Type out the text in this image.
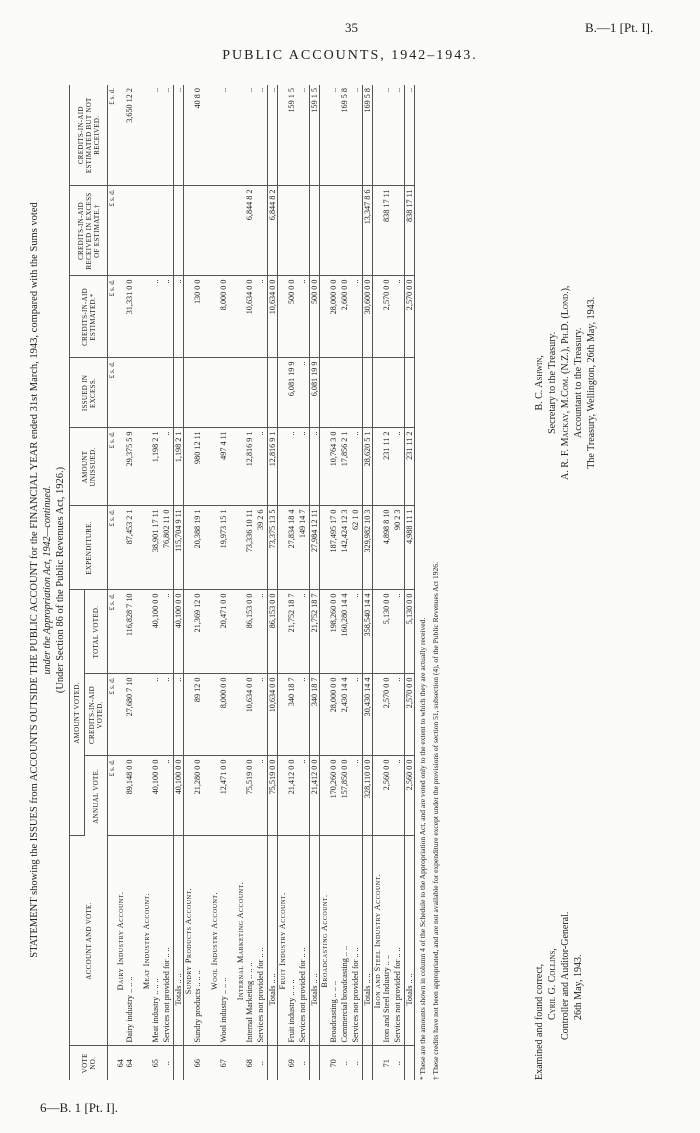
35	B.—1 [Pt. I].
PUBLIC ACCOUNTS, 1942–1943.
STATEMENT showing the ISSUES from ACCOUNTS OUTSIDE THE PUBLIC ACCOUNT for the FINANCIAL YEAR ended 31st March, 1943, compared with the Sums voted under the Appropriation Act, 1942—continued. (Under Section 86 of the Public Revenues Act, 1926.)
VOTE NO.	ACCOUNT AND VOTE.	AMOUNT VOTED.			EXPENDITURE.	AMOUNT UNISSUED.	ISSUED IN EXCESS.	CREDITS-IN-AID ESTIMATED.*	CREDITS-IN-AID RECEIVED IN EXCESS OF ESTIMATE.†	CREDITS-IN-AID ESTIMATED BUT NOT RECEIVED.
		ANNUAL VOTE.	CREDITS-IN-AID VOTED.	TOTAL VOTED.						
		£ s. d.	£ s. d.	£ s. d.	£ s. d.	£ s. d.	£ s. d.	£ s. d.	£ s. d.	£ s. d.
64	Dairy Industry Account.									
64	Dairy industry .. .. ..	89,148 0 0	27,680 7 10	116,828 7 10	87,453 2 1	29,375 5 9		31,331 0 0		3,650 12 2

	Meat Industry Account.									
65	Meat industry .. .. ..	40,100 0 0	..	40,100 0 0	38,901 17 11	1,198 2 1		..		..
..	Services not provided for .. ..	..	..	..	76,802 11 0	..		..		..
	Totals .. ..	40,100 0 0	..	40,100 0 0	115,704 9 11	1,198 2 1		..		..
	Sundry Products Account.									
66	Sundry products .. .. ..	21,280 0 0	89 12 0	21,369 12 0	20,388 19 1	980 12 11		130 0 0		40 8 0

	Wool Industry Account.									
67	Wool industry .. .. ..	12,471 0 0	8,000 0 0	20,471 0 0	19,973 15 1	497 4 11		8,000 0 0		..

	Internal Marketing Account.									
68	Internal Marketing .. .. ..	75,519 0 0	10,634 0 0	86,153 0 0	73,336 10 11	12,816 9 1		10,634 0 0	6,844 8 2	..
..	Services not provided for .. ..	..	..	..	39 2 6	..		..		..
	Totals .. ..	75,519 0 0	10,634 0 0	86,153 0 0	73,375 13 5	12,816 9 1		10,634 0 0	6,844 8 2	..
	Fruit Industry Account.									
69	Fruit industry .. .. ..	21,412 0 0	340 18 7	21,752 18 7	27,834 18 4	..	6,081 19 9	500 0 0		159 1 5
..	Services not provided for .. ..	..	..	..	149 14 7	..	..	..		..
	Totals .. ..	21,412 0 0	340 18 7	21,752 18 7	27,984 12 11	..	6,081 19 9	500 0 0		159 1 5
	Broadcasting Account.									
70	Broadcasting .. .. ..	170,260 0 0	28,000 0 0	198,260 0 0	187,495 17 0	10,764 3 0		28,000 0 0		..
..	Commercial broadcasting .. ..	157,850 0 0	2,430 14 4	160,280 14 4	142,424 12 3	17,856 2 1		2,600 0 0		169 5 8
..	Services not provided for .. ..	..	..	..	62 1 0	..		..		..
	Totals .. ..	328,110 0 0	30,430 14 4	358,540 14 4	329,982 10 3	28,620 5 1		30,600 0 0	13,347 8 6	169 5 8
	Iron and Steel Industry Account.									
71	Iron and Steel Industry .. ..	2,560 0 0	2,570 0 0	5,130 0 0	4,898 8 10	231 11 2		2,570 0 0	838 17 11	..
..	Services not provided for .. ..	..	..	..	90 2 3	..		..		..
	Totals .. ..	2,560 0 0	2,570 0 0	5,130 0 0	4,988 11 1	231 11 2		2,570 0 0	838 17 11	..
* These are the amounts shown in column 4 of the Schedule to the Appropriation Act, and are voted only to the extent to which they are actually received. † These credits have not been appropriated, and are not available for expenditure except under the provisions of section 51, subsection (4), of the Public Revenues Act 1926.	Examined and found correct, Cyril G. Collins, Controller and Auditor-General. 26th May, 1943.
B. C. Ashwin, Secretary to the Treasury. A. R. F. Mackay, M.Com. (N.Z.), Ph.D. (Lond.), Accountant to the Treasury. The Treasury, Wellington, 26th May, 1943.
6—B. 1 [Pt. I].
